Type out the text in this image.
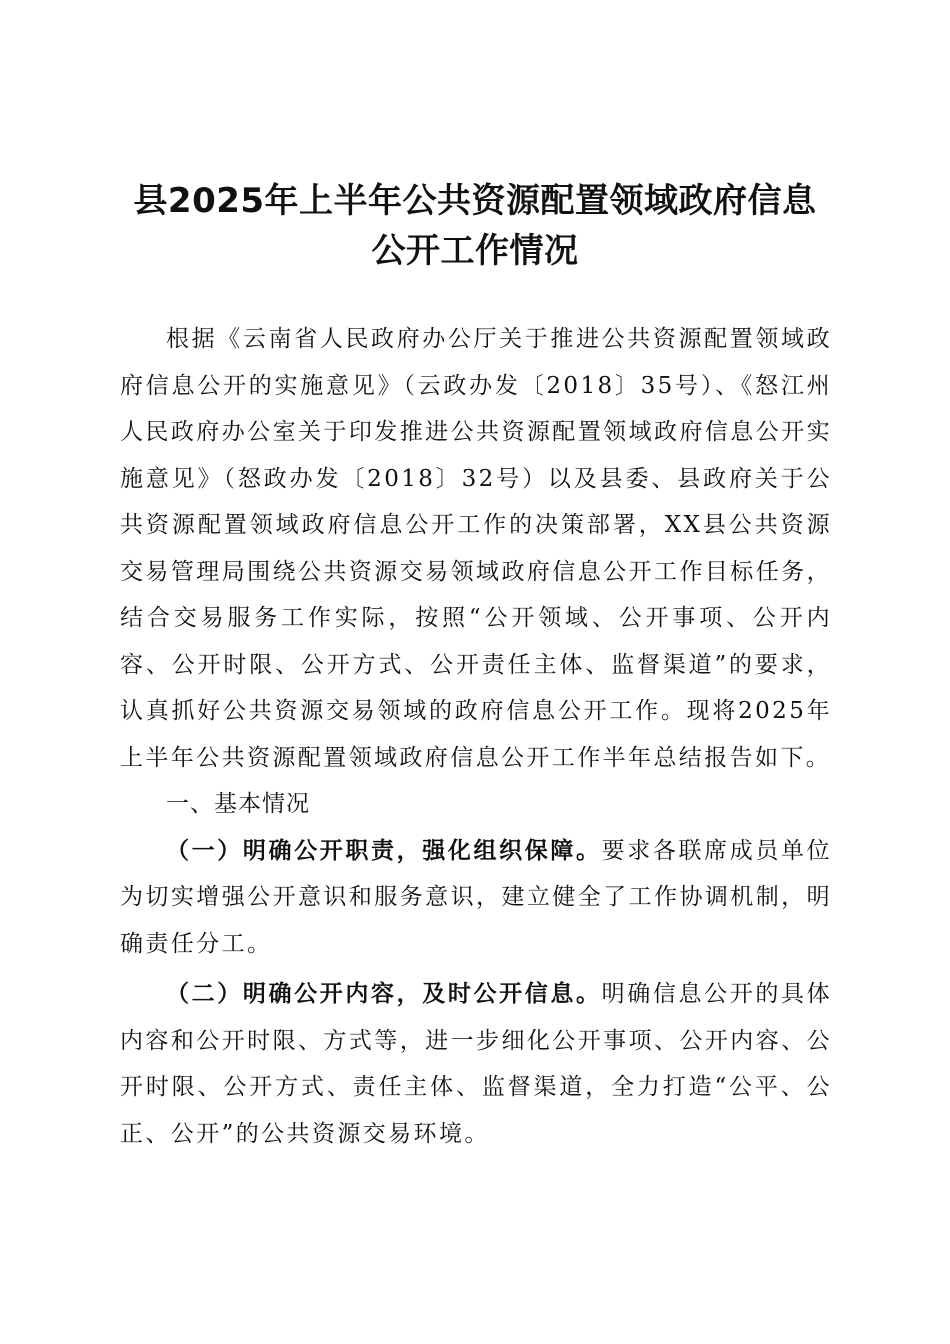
县2025年上半年公共资源配置领域政府信息
公开工作情况

根据《云南省人民政府办公厅关于推进公共资源配置领域政府信息公开的实施意见》（云政办发〔2018〕35号）、《怒江州人民政府办公室关于印发推进公共资源配置领域政府信息公开实施意见》（怒政办发〔2018〕32号）以及县委、县政府关于公共资源配置领域政府信息公开工作的决策部署，XX县公共资源交易管理局围绕公共资源交易领域政府信息公开工作目标任务，结合交易服务工作实际，按照“公开领域、公开事项、公开内容、公开时限、公开方式、公开责任主体、监督渠道”的要求，认真抓好公共资源交易领域的政府信息公开工作。现将2025年上半年公共资源配置领域政府信息公开工作半年总结报告如下。

一、基本情况

（一）明确公开职责，强化组织保障。要求各联席成员单位为切实增强公开意识和服务意识，建立健全了工作协调机制，明确责任分工。

（二）明确公开内容，及时公开信息。明确信息公开的具体内容和公开时限、方式等，进一步细化公开事项、公开内容、公开时限、公开方式、责任主体、监督渠道，全力打造“公平、公正、公开”的公共资源交易环境。
